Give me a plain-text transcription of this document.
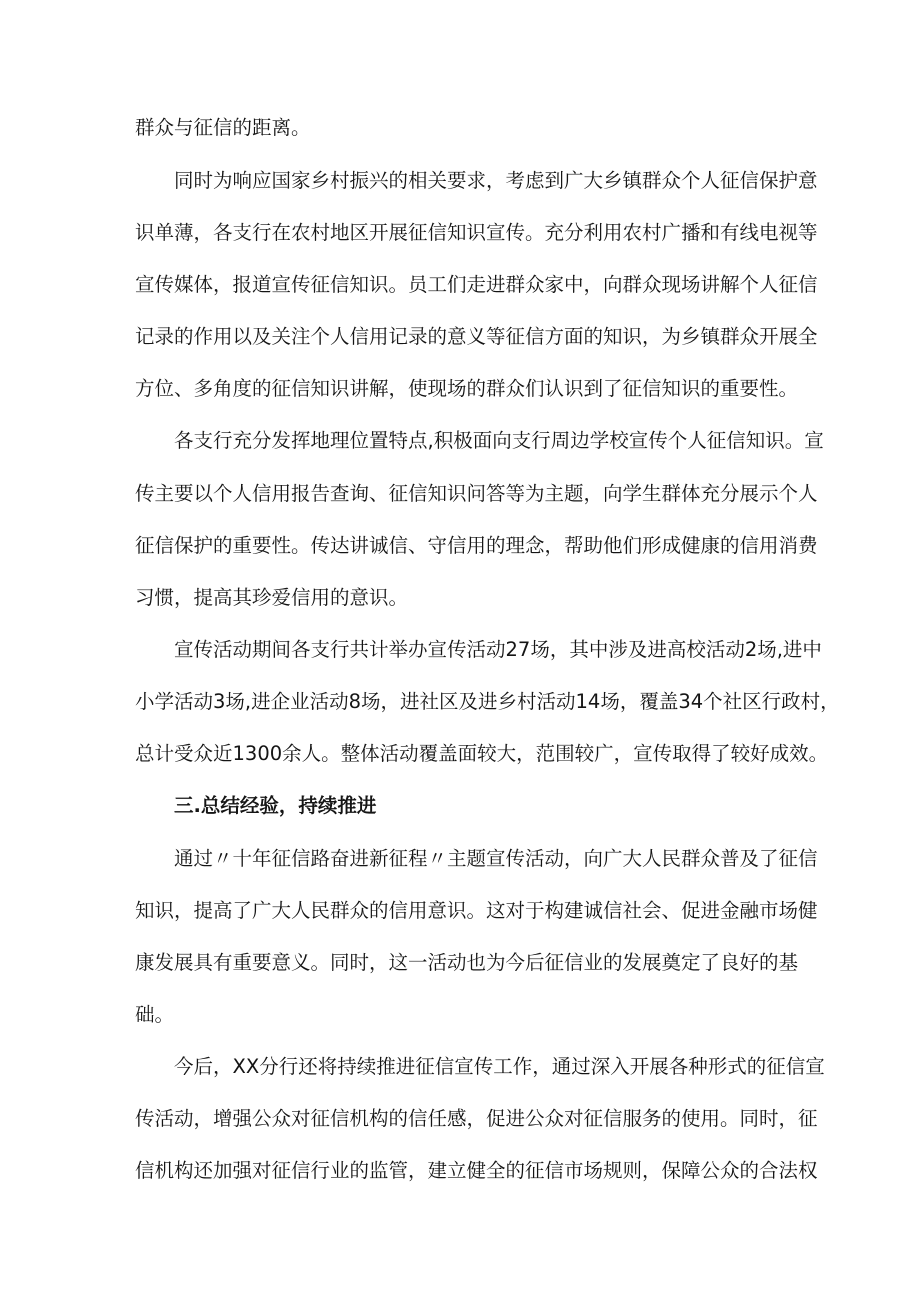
群众与征信的距离。
同时为响应国家乡村振兴的相关要求，考虑到广大乡镇群众个人征信保护意
识单薄，各支行在农村地区开展征信知识宣传。充分利用农村广播和有线电视等
宣传媒体，报道宣传征信知识。员工们走进群众家中，向群众现场讲解个人征信
记录的作用以及关注个人信用记录的意义等征信方面的知识，为乡镇群众开展全
方位、多角度的征信知识讲解，使现场的群众们认识到了征信知识的重要性。
各支行充分发挥地理位置特点,积极面向支行周边学校宣传个人征信知识。宣
传主要以个人信用报告查询、征信知识问答等为主题，向学生群体充分展示个人
征信保护的重要性。传达讲诚信、守信用的理念，帮助他们形成健康的信用消费
习惯，提高其珍爱信用的意识。
宣传活动期间各支行共计举办宣传活动27场，其中涉及进高校活动2场,进中
小学活动3场,进企业活动8场，进社区及进乡村活动14场，覆盖34个社区行政村，
总计受众近1300余人。整体活动覆盖面较大，范围较广，宣传取得了较好成效。
三.总结经验，持续推进
通过〃十年征信路奋进新征程〃主题宣传活动，向广大人民群众普及了征信
知识，提高了广大人民群众的信用意识。这对于构建诚信社会、促进金融市场健
康发展具有重要意义。同时，这一活动也为今后征信业的发展奠定了良好的基
础。
今后，XX分行还将持续推进征信宣传工作，通过深入开展各种形式的征信宣
传活动，增强公众对征信机构的信任感，促进公众对征信服务的使用。同时，征
信机构还加强对征信行业的监管，建立健全的征信市场规则，保障公众的合法权
